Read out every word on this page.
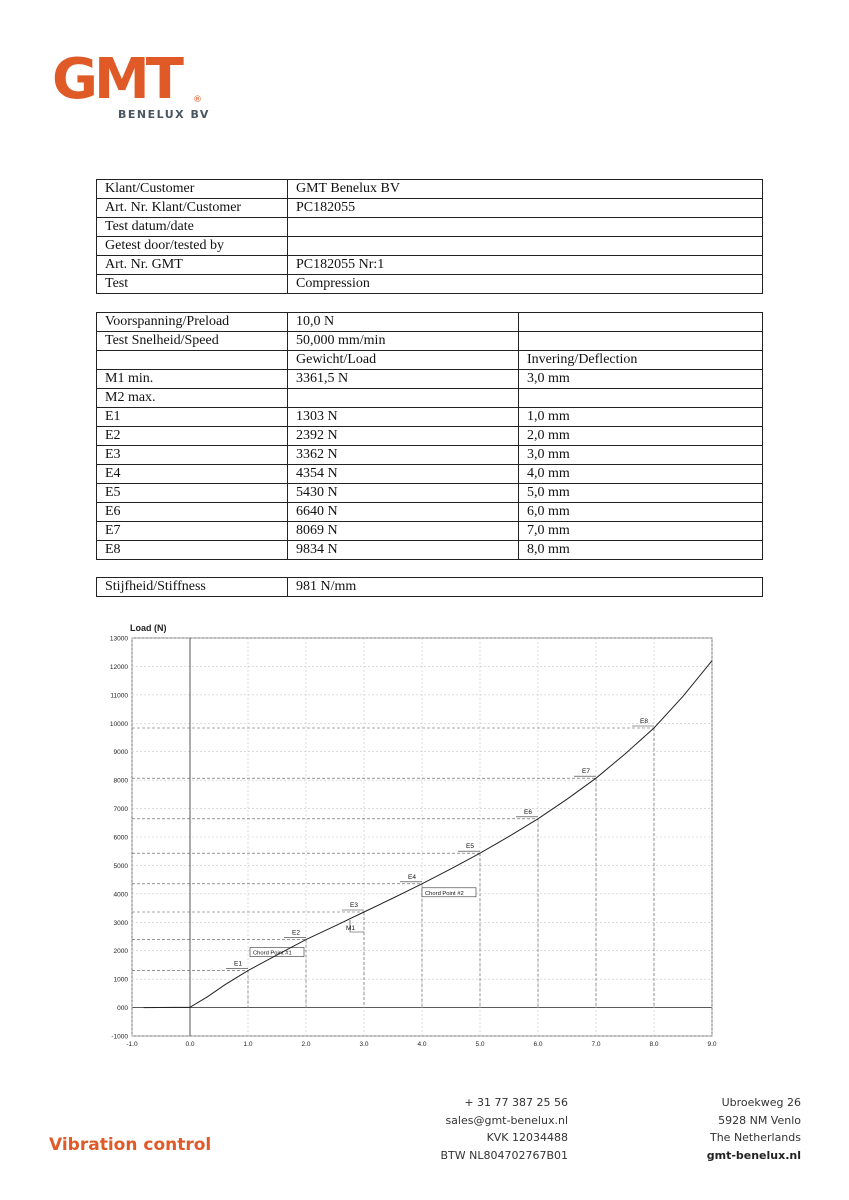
GMT	®
BENELUX BV
Klant/Customer	GMT Benelux BV
Art. Nr. Klant/Customer	PC182055
Test datum/date	
Getest door/tested by	
Art. Nr. GMT	PC182055 Nr:1
Test	Compression
Voorspanning/Preload	10,0 N	
Test Snelheid/Speed	50,000 mm/min	
	Gewicht/Load	Invering/Deflection
M1 min.	3361,5 N	3,0 mm
M2 max.		
E1	1303 N	1,0 mm
E2	2392 N	2,0 mm
E3	3362 N	3,0 mm
E4	4354 N	4,0 mm
E5	5430 N	5,0 mm
E6	6640 N	6,0 mm
E7	8069 N	7,0 mm
E8	9834 N	8,0 mm
Stijfheid/Stiffness	981 N/mm
Load (N)
-1000
000
1000
2000
3000
4000
5000
6000
7000
8000
9000
10000
11000
12000
13000
-1.0	0.0	1.0	2.0	3.0	4.0	5.0	6.0	7.0	8.0	9.0
E1
E2
E3
E4
E5
E6
E7
E8
M1
Chord Point #1
Chord Point #2
Vibration control
+ 31 77 387 25 56
sales@gmt-benelux.nl
KVK 12034488
BTW NL804702767B01
Ubroekweg 26
5928 NM Venlo
The Netherlands
gmt-benelux.nl
